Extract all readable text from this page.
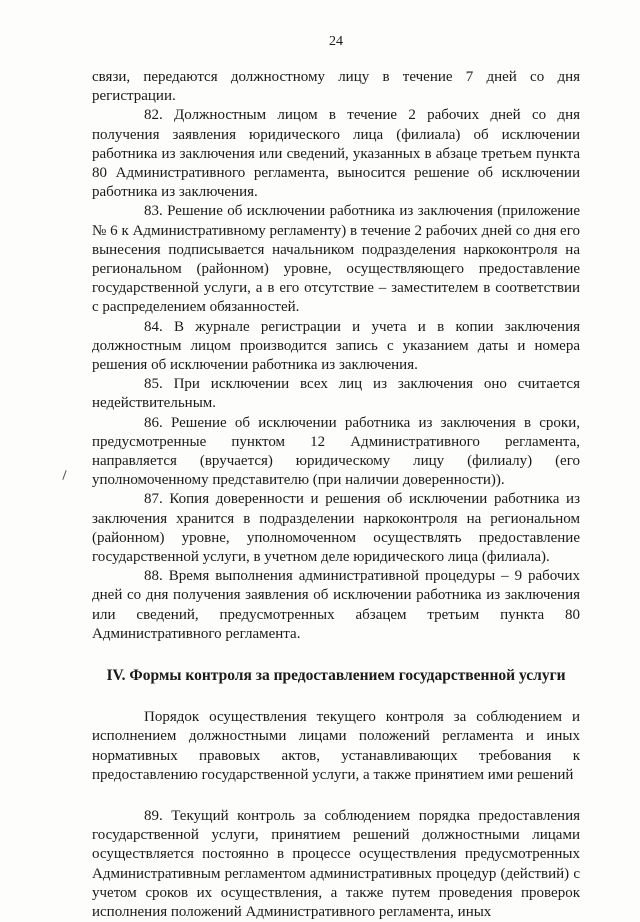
24

связи, передаются должностному лицу в течение 7 дней со дня регистрации.

82. Должностным лицом в течение 2 рабочих дней со дня получения заявления юридического лица (филиала) об исключении работника из заключения или сведений, указанных в абзаце третьем пункта 80 Административного регламента, выносится решение об исключении работника из заключения.

83. Решение об исключении работника из заключения (приложение № 6 к Административному регламенту) в течение 2 рабочих дней со дня его вынесения подписывается начальником подразделения наркоконтроля на региональном (районном) уровне, осуществляющего предоставление государственной услуги, а в его отсутствие – заместителем в соответствии с распределением обязанностей.

84. В журнале регистрации и учета и в копии заключения должностным лицом производится запись с указанием даты и номера решения об исключении работника из заключения.

85. При исключении всех лиц из заключения оно считается недействительным.

86. Решение об исключении работника из заключения в сроки, предусмотренные пунктом 12 Административного регламента, направляется (вручается) юридическому лицу (филиалу) (его уполномоченному представителю (при наличии доверенности)).

87. Копия доверенности и решения об исключении работника из заключения хранится в подразделении наркоконтроля на региональном (районном) уровне, уполномоченном осуществлять предоставление государственной услуги, в учетном деле юридического лица (филиала).

88. Время выполнения административной процедуры – 9 рабочих дней со дня получения заявления об исключении работника из заключения или сведений, предусмотренных абзацем третьим пункта 80 Административного регламента.

IV. Формы контроля за предоставлением государственной услуги

Порядок осуществления текущего контроля за соблюдением и исполнением должностными лицами положений регламента и иных нормативных правовых актов, устанавливающих требования к предоставлению государственной услуги, а также принятием ими решений

89. Текущий контроль за соблюдением порядка предоставления государственной услуги, принятием решений должностными лицами осуществляется постоянно в процессе осуществления предусмотренных Административным регламентом административных процедур (действий) с учетом сроков их осуществления, а также путем проведения проверок исполнения положений Административного регламента, иных
